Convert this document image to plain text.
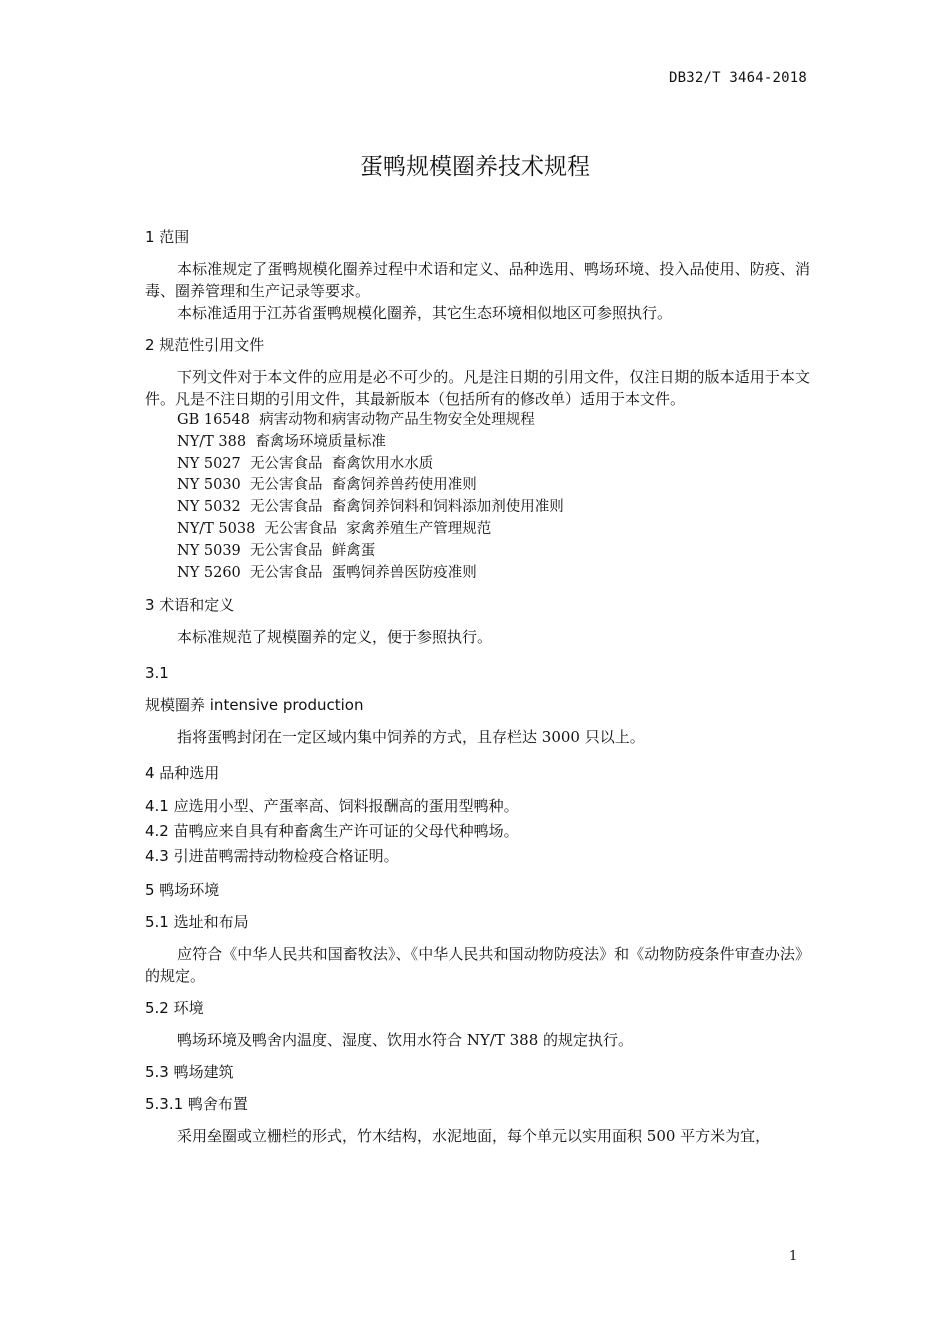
DB32/T 3464-2018
蛋鸭规模圈养技术规程
1 范围

本标准规定了蛋鸭规模化圈养过程中术语和定义、品种选用、鸭场环境、投入品使用、防疫、消毒、圈养管理和生产记录等要求。

本标准适用于江苏省蛋鸭规模化圈养，其它生态环境相似地区可参照执行。

2 规范性引用文件

下列文件对于本文件的应用是必不可少的。凡是注日期的引用文件，仅注日期的版本适用于本文件。凡是不注日期的引用文件，其最新版本（包括所有的修改单）适用于本文件。

GB 16548  病害动物和病害动物产品生物安全处理规程
NY/T 388  畜禽场环境质量标准
NY 5027  无公害食品  畜禽饮用水水质
NY 5030  无公害食品  畜禽饲养兽药使用准则
NY 5032  无公害食品  畜禽饲养饲料和饲料添加剂使用准则
NY/T 5038  无公害食品  家禽养殖生产管理规范
NY 5039  无公害食品  鲜禽蛋
NY 5260  无公害食品  蛋鸭饲养兽医防疫准则
3 术语和定义

本标准规范了规模圈养的定义，便于参照执行。

3.1
规模圈养 intensive production

指将蛋鸭封闭在一定区域内集中饲养的方式，且存栏达 3000 只以上。

4 品种选用
4.1 应选用小型、产蛋率高、饲料报酬高的蛋用型鸭种。
4.2 苗鸭应来自具有种畜禽生产许可证的父母代种鸭场。
4.3 引进苗鸭需持动物检疫合格证明。
5 鸭场环境
5.1 选址和布局

应符合《中华人民共和国畜牧法》、《中华人民共和国动物防疫法》和《动物防疫条件审查办法》的规定。

5.2 环境

鸭场环境及鸭舍内温度、湿度、饮用水符合 NY/T 388 的规定执行。

5.3 鸭场建筑
5.3.1 鸭舍布置

采用垒圈或立栅栏的形式，竹木结构，水泥地面，每个单元以实用面积 500 平方米为宜，

1
